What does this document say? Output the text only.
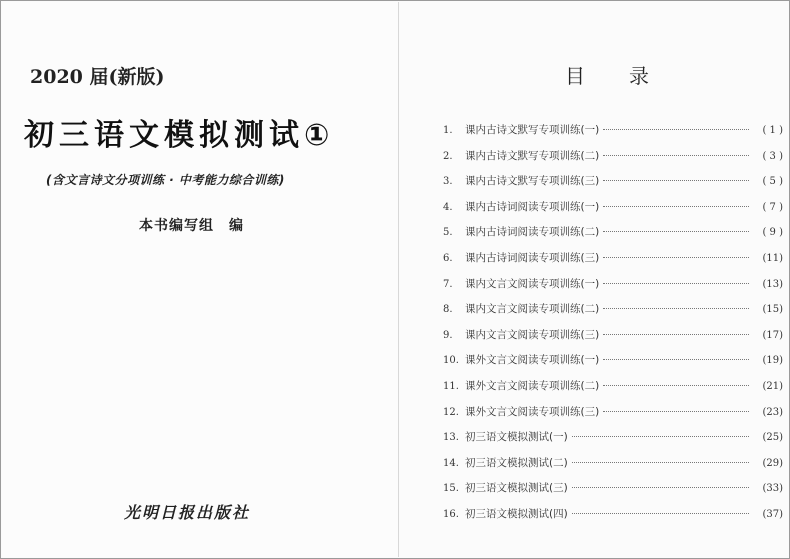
2020 届(新版)
初三语文模拟测试①
(含文言诗文分项训练 · 中考能力综合训练)
本书编写组　编
光明日报出版社
目录
1.	课内古诗文默写专项训练(一)	( 1 )
2.	课内古诗文默写专项训练(二)	( 3 )
3.	课内古诗文默写专项训练(三)	( 5 )
4.	课内古诗词阅读专项训练(一)	( 7 )
5.	课内古诗词阅读专项训练(二)	( 9 )
6.	课内古诗词阅读专项训练(三)	(11)
7.	课内文言文阅读专项训练(一)	(13)
8.	课内文言文阅读专项训练(二)	(15)
9.	课内文言文阅读专项训练(三)	(17)
10. 课外文言文阅读专项训练(一)	(19)
11. 课外文言文阅读专项训练(二)	(21)
12. 课外文言文阅读专项训练(三)	(23)
13. 初三语文模拟测试(一)	(25)
14. 初三语文模拟测试(二)	(29)
15. 初三语文模拟测试(三)	(33)
16. 初三语文模拟测试(四)	(37)
